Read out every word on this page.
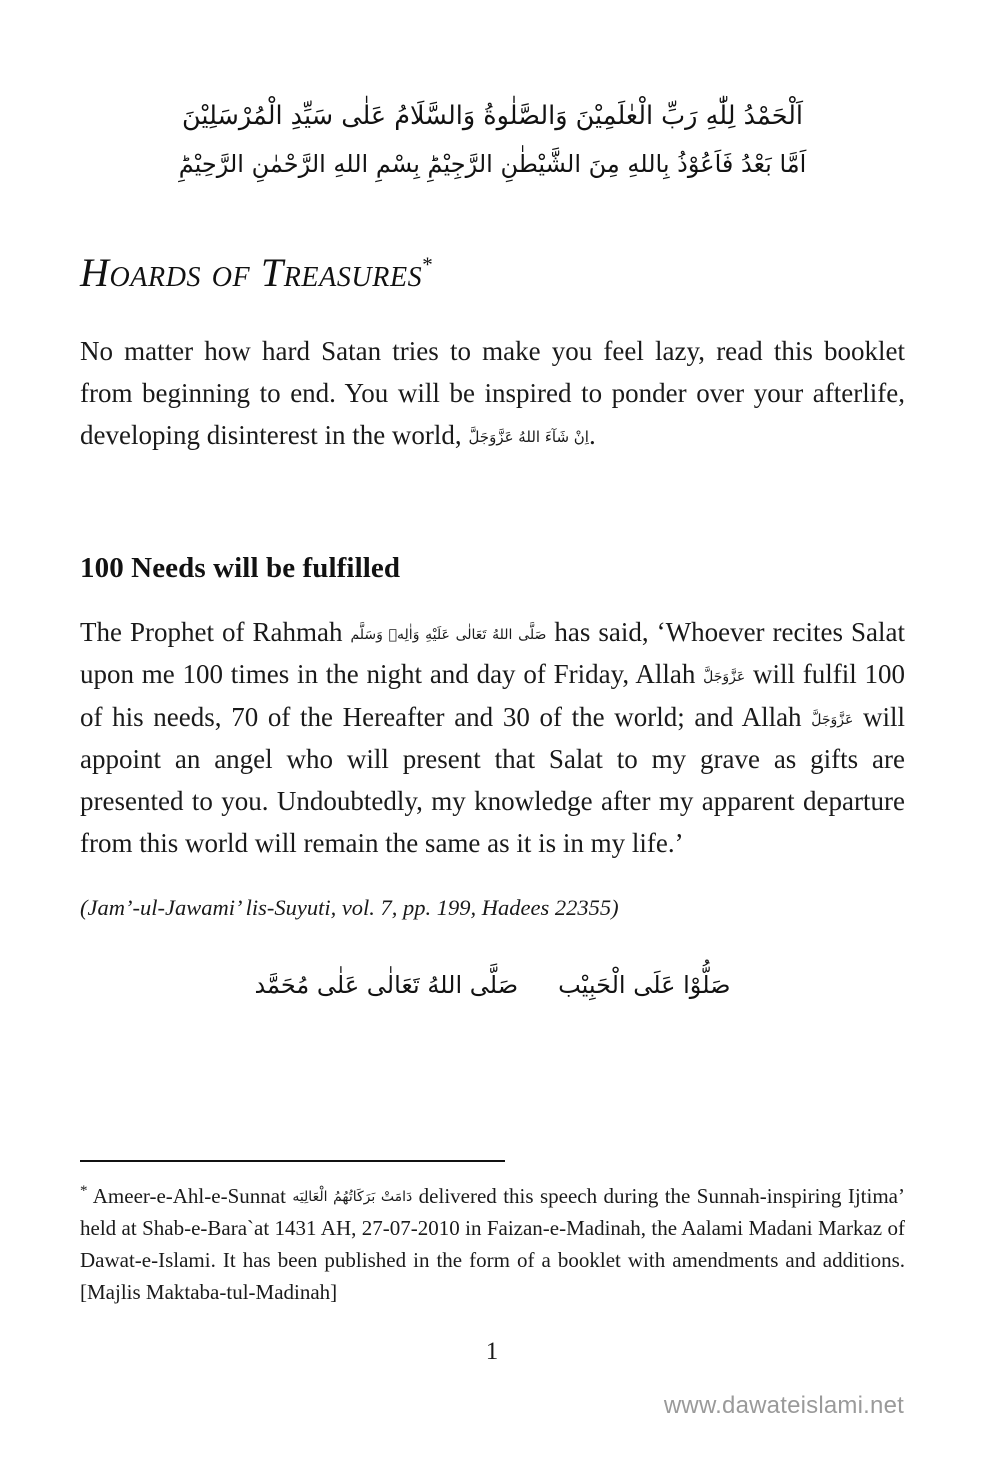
اَلْحَمْدُ لِلّٰهِ رَبِّ الْعٰلَمِيْنَ وَالصَّلٰوةُ وَالسَّلَامُ عَلٰى سَيِّدِ الْمُرْسَلِيْنَ
اَمَّا بَعْدُ فَاَعُوْذُ بِاللهِ مِنَ الشَّيْطٰنِ الرَّجِيْمِؕ بِسْمِ اللهِ الرَّحْمٰنِ الرَّحِيْمِؕ
Hoards of Treasures*

No matter how hard Satan tries to make you feel lazy, read this booklet from beginning to end. You will be inspired to ponder over your afterlife, developing disinterest in the world, اِنْ شَآءَ اللهُ عَزَّوَجَلَّ.

100 Needs will be fulfilled

The Prophet of Rahmah صَلَّى اللهُ تَعَالٰى عَلَيْهِ وَاٰلِهٖ وَسَلَّم has said, ‘Whoever recites Salat upon me 100 times in the night and day of Friday, Allah عَزَّوَجَلَّ will fulfil 100 of his needs, 70 of the Hereafter and 30 of the world; and Allah عَزَّوَجَلَّ will appoint an angel who will present that Salat to my grave as gifts are presented to you. Undoubtedly, my knowledge after my apparent departure from this world will remain the same as it is in my life.’

(Jam’-ul-Jawami’ lis-Suyuti, vol. 7, pp. 199, Hadees 22355)

صَلُّوْا عَلَى الْحَبِيْبصَلَّى اللهُ تَعَالٰى عَلٰى مُحَمَّد

* Ameer-e-Ahl-e-Sunnat دَامَتْ بَرَكَاتُهُمُ الْعَالِيَه delivered this speech during the Sunnah-inspiring Ijtima’ held at Shab-e-Bara`at 1431 AH, 27-07-2010 in Faizan-e-Madinah, the Aalami Madani Markaz of Dawat-e-Islami. It has been published in the form of a booklet with amendments and additions. [Majlis Maktaba-tul-Madinah]

1
www.dawateislami.net
